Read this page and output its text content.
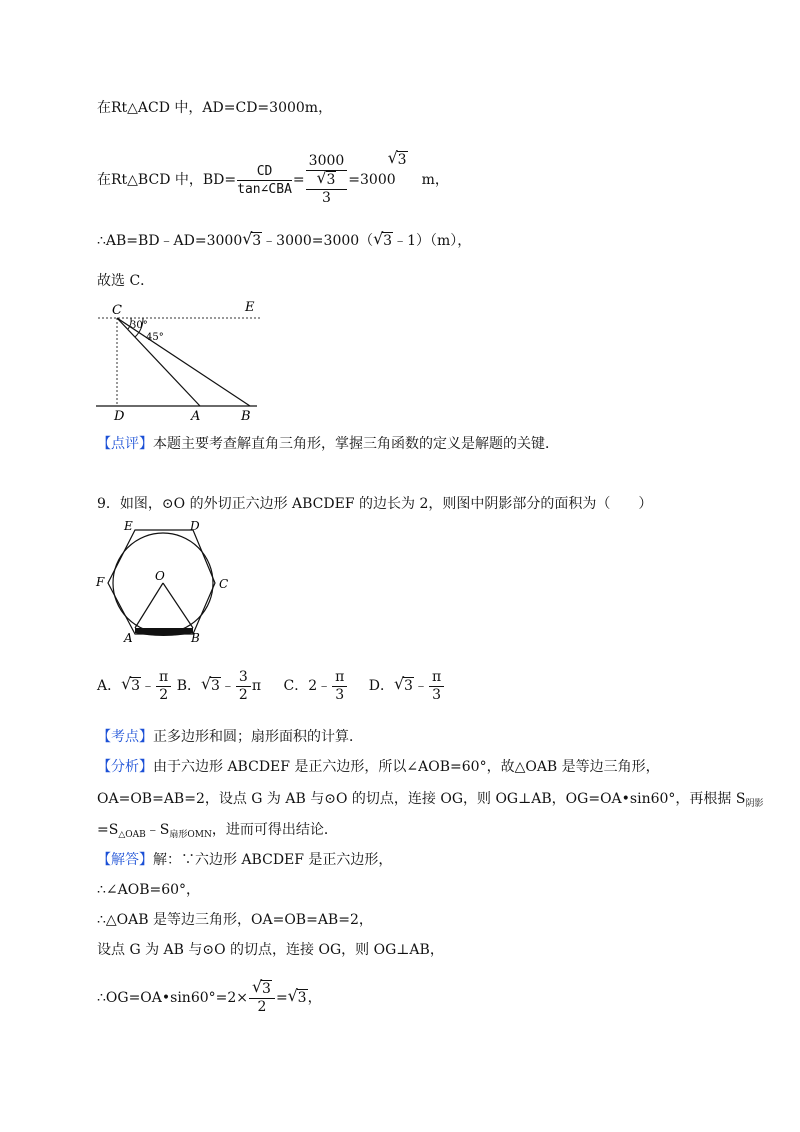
在Rt△ACD 中，AD=CD=3000m，
在Rt△BCD 中，$BD= \frac{CD}{\text{tan∠CBA}}$ =
3000
√ 3
3
=3000
√ 3m，
∴AB=BD﹣AD=3000 √ 3﹣3000=3000（ √ 3﹣1）（m），
故选 C．
C	E
D	A	B
30°
45°
【点评】本题主要考查解直角三角形，掌握三角函数的定义是解题的关键．
9．如图，⊙O 的外切正六边形 ABCDEF 的边长为 2，则图中阴影部分的面积为（　　）
E	D
F	C
O
A	B
A． √ 3﹣ $\frac{\pi}{2}$ B． √ 3﹣ $\frac{3}{2}$ π C．2﹣ $\frac{\pi}{3}$ D． √ 3﹣ $\frac{\pi}{3}$
【考点】正多边形和圆；扇形面积的计算．
【分析】由于六边形 ABCDEF 是正六边形，所以∠AOB=60°，故△OAB 是等边三角形，
OA=OB=AB=2，设点 G 为 AB 与⊙O 的切点，连接 OG，则 OG⊥AB，OG=OA•sin60°，再根据 $S_{阴影}$
$=S_{\triangle OAB}﹣S_{扇形OMN}$，进而可得出结论．
【解答】解：∵六边形 ABCDEF 是正六边形，
∴∠AOB=60°，
∴△OAB 是等边三角形，OA=OB=AB=2，
设点 G 为 AB 与⊙O 的切点，连接 OG，则 OG⊥AB，
∴OG=OA•sin60°=2× $\frac{√ 3}{2}$ = √ 3，
